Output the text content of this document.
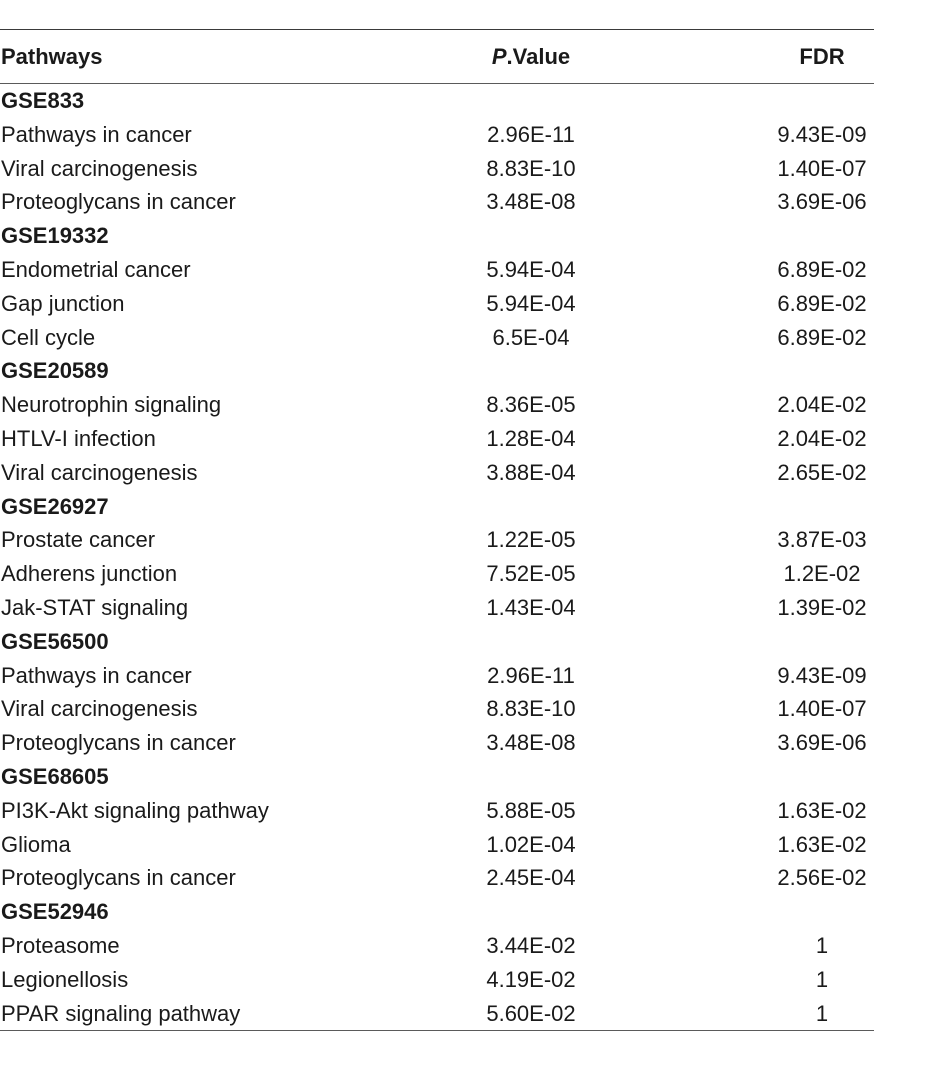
Pathways	P.Value	FDR
GSE833
Pathways in cancer	2.96E-11	9.43E-09
Viral carcinogenesis	8.83E-10	1.40E-07
Proteoglycans in cancer	3.48E-08	3.69E-06
GSE19332
Endometrial cancer	5.94E-04	6.89E-02
Gap junction	5.94E-04	6.89E-02
Cell cycle	6.5E-04	6.89E-02
GSE20589
Neurotrophin signaling	8.36E-05	2.04E-02
HTLV-I infection	1.28E-04	2.04E-02
Viral carcinogenesis	3.88E-04	2.65E-02
GSE26927
Prostate cancer	1.22E-05	3.87E-03
Adherens junction	7.52E-05	1.2E-02
Jak-STAT signaling	1.43E-04	1.39E-02
GSE56500
Pathways in cancer	2.96E-11	9.43E-09
Viral carcinogenesis	8.83E-10	1.40E-07
Proteoglycans in cancer	3.48E-08	3.69E-06
GSE68605
PI3K-Akt signaling pathway	5.88E-05	1.63E-02
Glioma	1.02E-04	1.63E-02
Proteoglycans in cancer	2.45E-04	2.56E-02
GSE52946
Proteasome	3.44E-02	1
Legionellosis	4.19E-02	1
PPAR signaling pathway	5.60E-02	1
